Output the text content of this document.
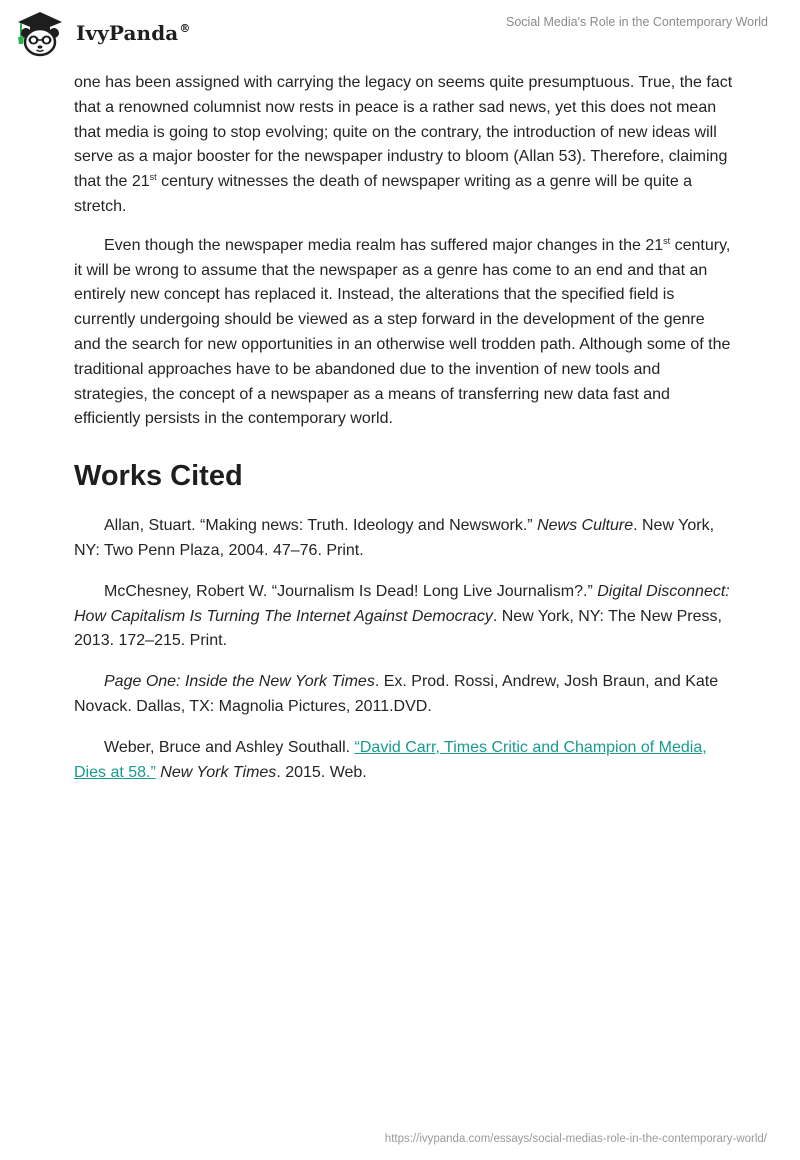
IvyPanda®	Social Media's Role in the Contemporary World

one has been assigned with carrying the legacy on seems quite presumptuous. True, the fact that a renowned columnist now rests in peace is a rather sad news, yet this does not mean that media is going to stop evolving; quite on the contrary, the introduction of new ideas will serve as a major booster for the newspaper industry to bloom (Allan 53). Therefore, claiming that the 21st century witnesses the death of newspaper writing as a genre will be quite a stretch.

Even though the newspaper media realm has suffered major changes in the 21st century, it will be wrong to assume that the newspaper as a genre has come to an end and that an entirely new concept has replaced it. Instead, the alterations that the specified field is currently undergoing should be viewed as a step forward in the development of the genre and the search for new opportunities in an otherwise well trodden path. Although some of the traditional approaches have to be abandoned due to the invention of new tools and strategies, the concept of a newspaper as a means of transferring new data fast and efficiently persists in the contemporary world.

Works Cited

Allan, Stuart. “Making news: Truth. Ideology and Newswork.” News Culture. New York, NY: Two Penn Plaza, 2004. 47–76. Print.

McChesney, Robert W. “Journalism Is Dead! Long Live Journalism?.” Digital Disconnect: How Capitalism Is Turning The Internet Against Democracy. New York, NY: The New Press, 2013. 172–215. Print.

Page One: Inside the New York Times. Ex. Prod. Rossi, Andrew, Josh Braun, and Kate Novack. Dallas, TX: Magnolia Pictures, 2011.DVD.

Weber, Bruce and Ashley Southall. “David Carr, Times Critic and Champion of Media, Dies at 58.” New York Times. 2015. Web.

https://ivypanda.com/essays/social-medias-role-in-the-contemporary-world/
